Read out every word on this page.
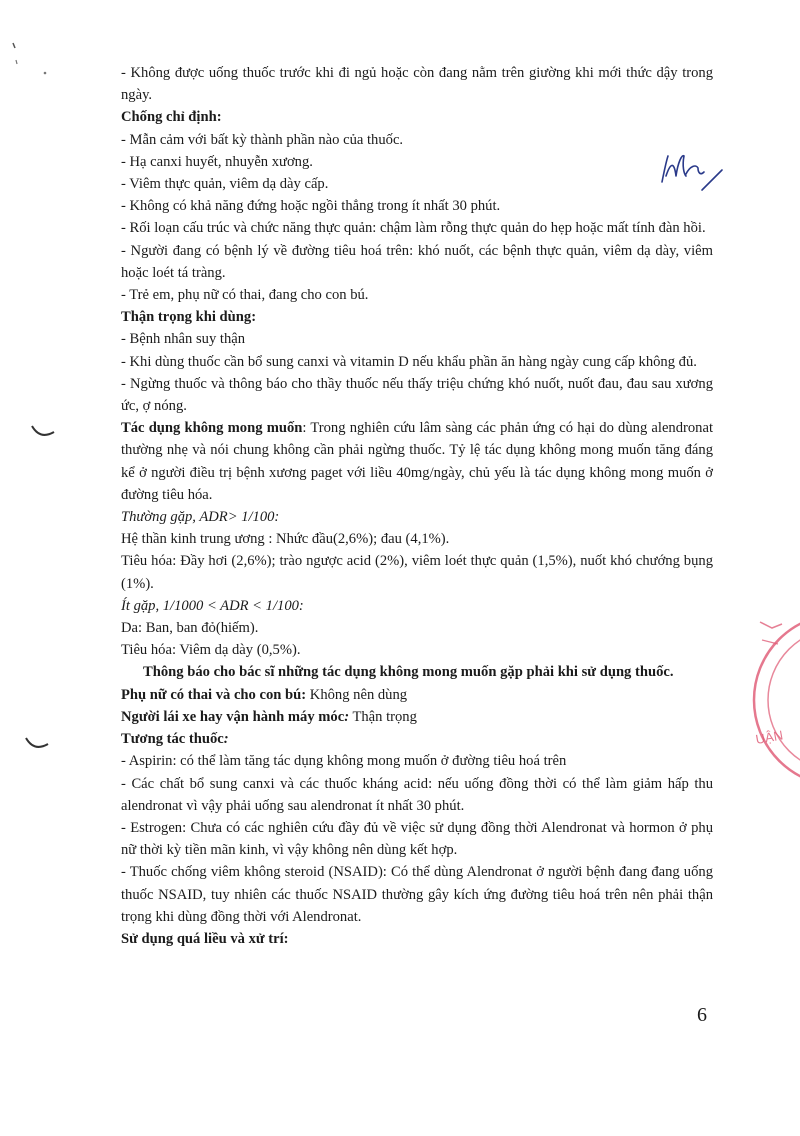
UẬN

- Không được uống thuốc trước khi đi ngủ hoặc còn đang nằm trên giường khi mới thức dậy trong ngày.

Chống chỉ định:

- Mẫn cảm với bất kỳ thành phần nào của thuốc.

- Hạ canxi huyết, nhuyễn xương.

- Viêm thực quản, viêm dạ dày cấp.

- Không có khả năng đứng hoặc ngồi thẳng trong ít nhất 30 phút.

- Rối loạn cấu trúc và chức năng thực quản: chậm làm rỗng thực quản do hẹp hoặc mất tính đàn hồi.

- Người đang có bệnh lý về đường tiêu hoá trên: khó nuốt, các bệnh thực quản, viêm dạ dày, viêm hoặc loét tá tràng.

- Trẻ em, phụ nữ có thai, đang cho con bú.

Thận trọng khi dùng:

- Bệnh nhân suy thận

- Khi dùng thuốc cần bổ sung canxi và vitamin D nếu khẩu phần ăn hàng ngày cung cấp không đủ.

- Ngừng thuốc và thông báo cho thầy thuốc nếu thấy triệu chứng khó nuốt, nuốt đau, đau sau xương ức, ợ nóng.

Tác dụng không mong muốn: Trong nghiên cứu lâm sàng các phản ứng có hại do dùng alendronat thường nhẹ và nói chung không cần phải ngừng thuốc. Tỷ lệ tác dụng không mong muốn tăng đáng kể ở người điều trị bệnh xương paget với liều 40mg/ngày, chủ yếu là tác dụng không mong muốn ở đường tiêu hóa.

Thường gặp, ADR> 1/100:

Hệ thần kinh trung ương : Nhức đầu(2,6%); đau (4,1%).

Tiêu hóa: Đầy hơi (2,6%); trào ngược acid (2%), viêm loét thực quản (1,5%), nuốt khó chướng bụng (1%).

Ít gặp, 1/1000 < ADR < 1/100:

Da: Ban, ban đỏ(hiếm).

Tiêu hóa: Viêm dạ dày (0,5%).

Thông báo cho bác sĩ những tác dụng không mong muốn gặp phải khi sử dụng thuốc.

Phụ nữ có thai và cho con bú: Không nên dùng

Người lái xe hay vận hành máy móc: Thận trọng

Tương tác thuốc:

- Aspirin: có thể làm tăng tác dụng không mong muốn ở đường tiêu hoá trên

- Các chất bổ sung canxi và các thuốc kháng acid: nếu uống đồng thời có thể làm giảm hấp thu alendronat vì vậy phải uống sau alendronat ít nhất 30 phút.

- Estrogen: Chưa có các nghiên cứu đầy đủ về việc sử dụng đồng thời Alendronat và hormon ở phụ nữ thời kỳ tiền mãn kinh, vì vậy không nên dùng kết hợp.

- Thuốc chống viêm không steroid (NSAID): Có thể dùng Alendronat ở người bệnh đang đang uống thuốc NSAID, tuy nhiên các thuốc NSAID thường gây kích ứng đường tiêu hoá trên nên phải thận trọng khi dùng đồng thời với Alendronat.

Sử dụng quá liều và xử trí:

6
